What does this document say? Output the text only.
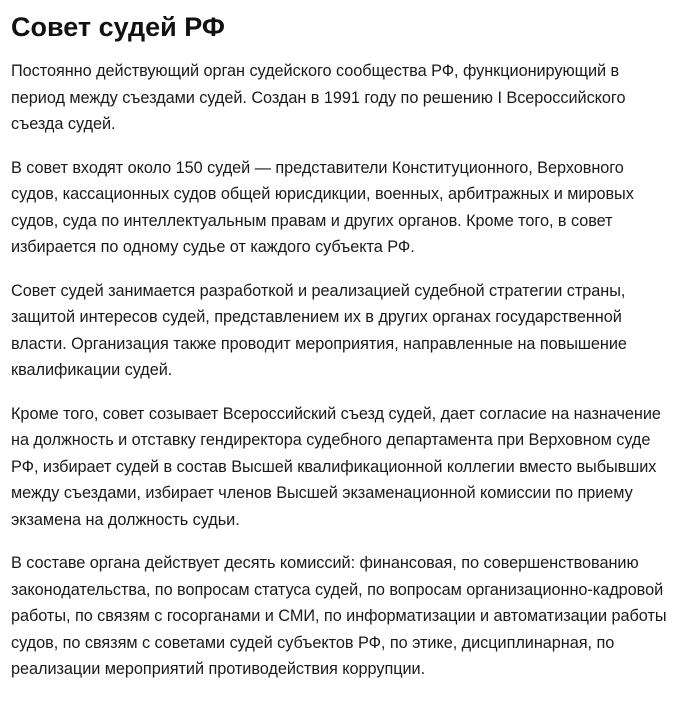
Совет судей РФ

Постоянно действующий орган судейского сообщества РФ, функционирующий в период между съездами судей. Создан в 1991 году по решению I Всероссийского съезда судей.

В совет входят около 150 судей — представители Конституционного, Верховного судов, кассационных судов общей юрисдикции, военных, арбитражных и мировых судов, суда по интеллектуальным правам и других органов. Кроме того, в совет избирается по одному судье от каждого субъекта РФ.

Совет судей занимается разработкой и реализацией судебной стратегии страны, защитой интересов судей, представлением их в других органах государственной власти. Организация также проводит мероприятия, направленные на повышение квалификации судей.

Кроме того, совет созывает Всероссийский съезд судей, дает согласие на назначение на должность и отставку гендиректора судебного департамента при Верховном суде РФ, избирает судей в состав Высшей квалификационной коллегии вместо выбывших между съездами, избирает членов Высшей экзаменационной комиссии по приему экзамена на должность судьи.

В составе органа действует десять комиссий: финансовая, по совершенствованию законодательства, по вопросам статуса судей, по вопросам организационно-кадровой работы, по связям с госорганами и СМИ, по информатизации и автоматизации работы судов, по связям с советами судей субъектов РФ, по этике, дисциплинарная, по реализации мероприятий противодействия коррупции.
